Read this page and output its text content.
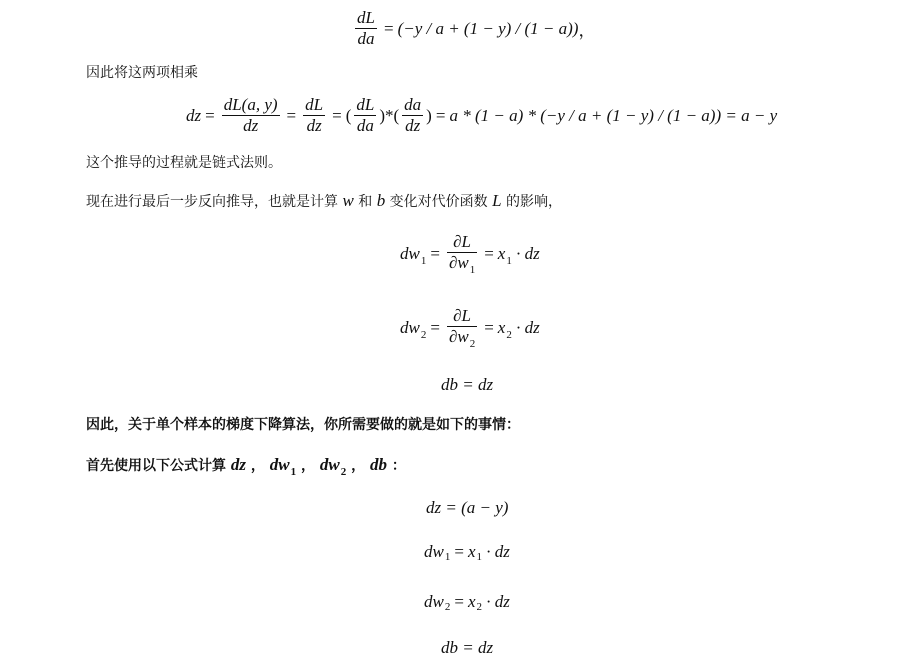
$\frac{dL}{da} = (-y / a + (1 - y) / (1 - a))$ ，
因此将这两项相乘
dz = $\frac{dL(a, y)}{dz} = \frac{dL}{dz}$ = ( $\frac{dL}{da}$ )*( $\frac{da}{dz}$ ) = a * (1 − a) * (−y / a + (1 − y) / (1 − a)) = a − y
这个推导的过程就是链式法则。
现在进行最后一步反向推导，也就是计算 w 和 b 变化对代价函数 L 的影响，
$dw_1 = \frac{\partial L}{\partial w_1} = x_1$ · dz
$dw_2 = \frac{\partial L}{\partial w_2} = x_2$ · dz
db = dz
因此，关于单个样本的梯度下降算法，你所需要做的就是如下的事情：
首先使用以下公式计算 dz ， $dw_1$ ， $dw_2$ ， db ：
dz = (a − y)
dw 1 = x 1
· dz
dw 2 = x 2
· dz
db = dz
